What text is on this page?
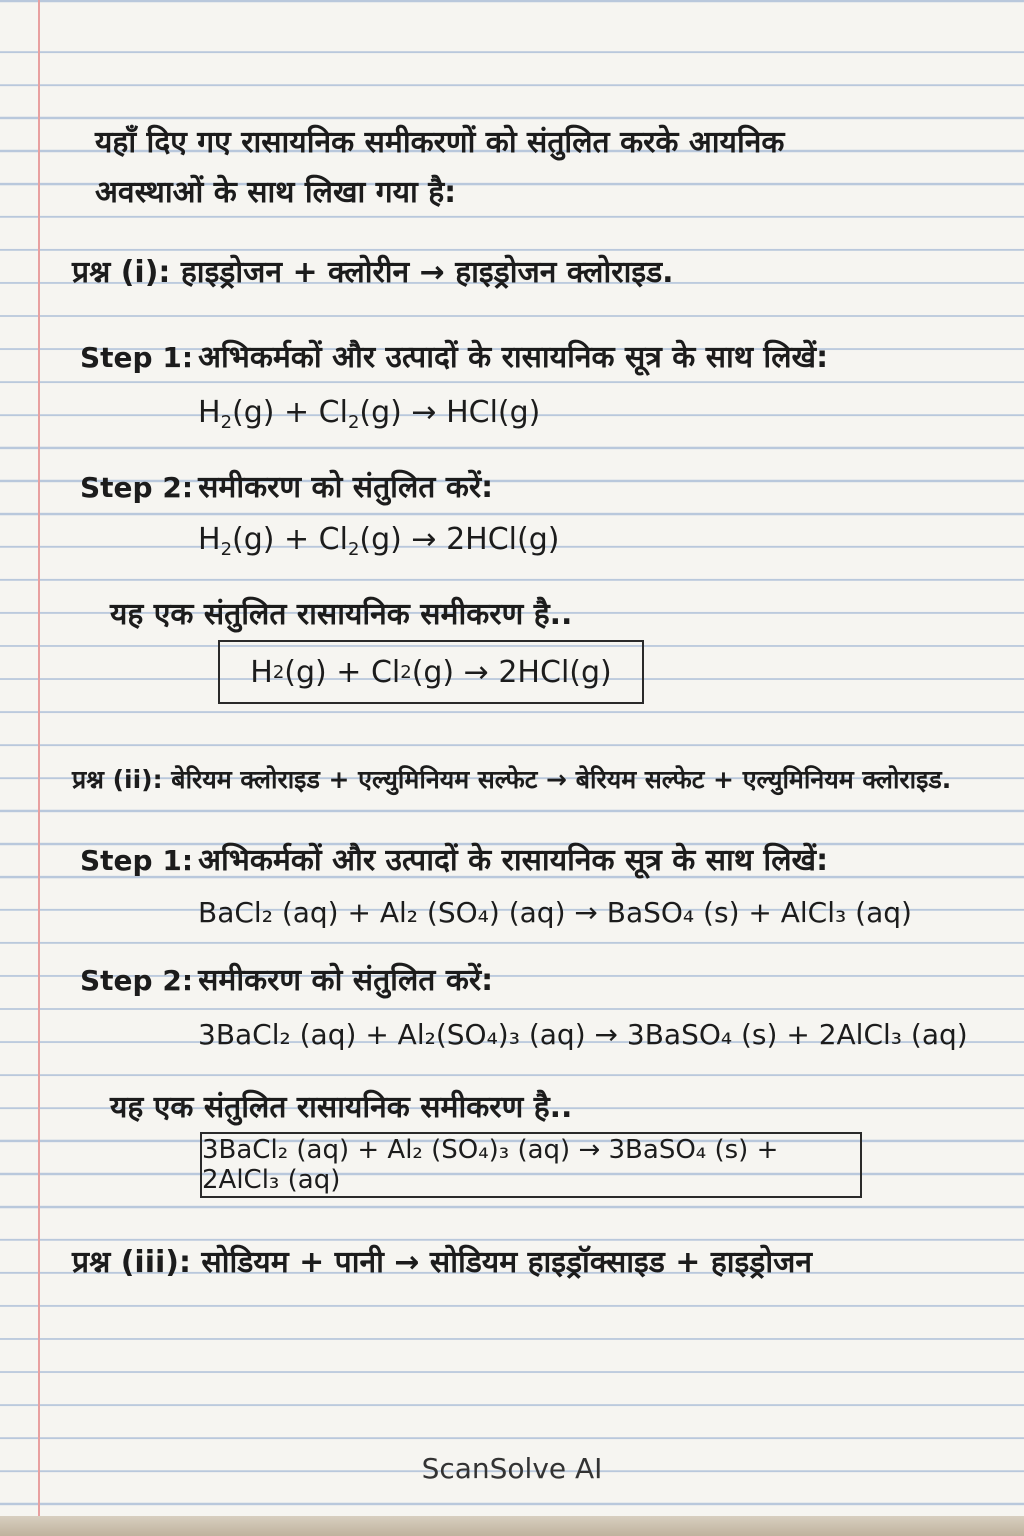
यहाँ दिए गए रासायनिक समीकरणों को संतुलित करके आयनिक
अवस्थाओं के साथ लिखा गया है:
प्रश्न (i): हाइड्रोजन + क्लोरीन → हाइड्रोजन क्लोराइड.
Step 1: अभिकर्मकों और उत्पादों के रासायनिक सूत्र के साथ लिखें:
$H_2(g) + Cl_2(g) \to HCl(g)$
Step 2: समीकरण को संतुलित करें:
$H_2(g) + Cl_2(g) \to 2HCl(g)$
यह एक संतुलित रासायनिक समीकरण है..
H 2 (g) + Cl 2 (g) → 2HCl(g)
प्रश्न (ii): बेरियम क्लोराइड + एल्युमिनियम सल्फेट → बेरियम सल्फेट + एल्युमिनियम क्लोराइड.
Step 1: अभिकर्मकों और उत्पादों के रासायनिक सूत्र के साथ लिखें:
BaCl₂ (aq) + Al₂ (SO₄) (aq) → BaSO₄ (s) + AlCl₃ (aq)
Step 2: समीकरण को संतुलित करें:
3BaCl₂ (aq) + Al₂(SO₄)₃ (aq) → 3BaSO₄ (s) + 2AlCl₃ (aq)
यह एक संतुलित रासायनिक समीकरण है..
3BaCl₂ (aq) + Al₂ (SO₄)₃ (aq) → 3BaSO₄ (s) + 2AlCl₃ (aq)
प्रश्न (iii): सोडियम + पानी → सोडियम हाइड्रॉक्साइड + हाइड्रोजन
ScanSolve AI
